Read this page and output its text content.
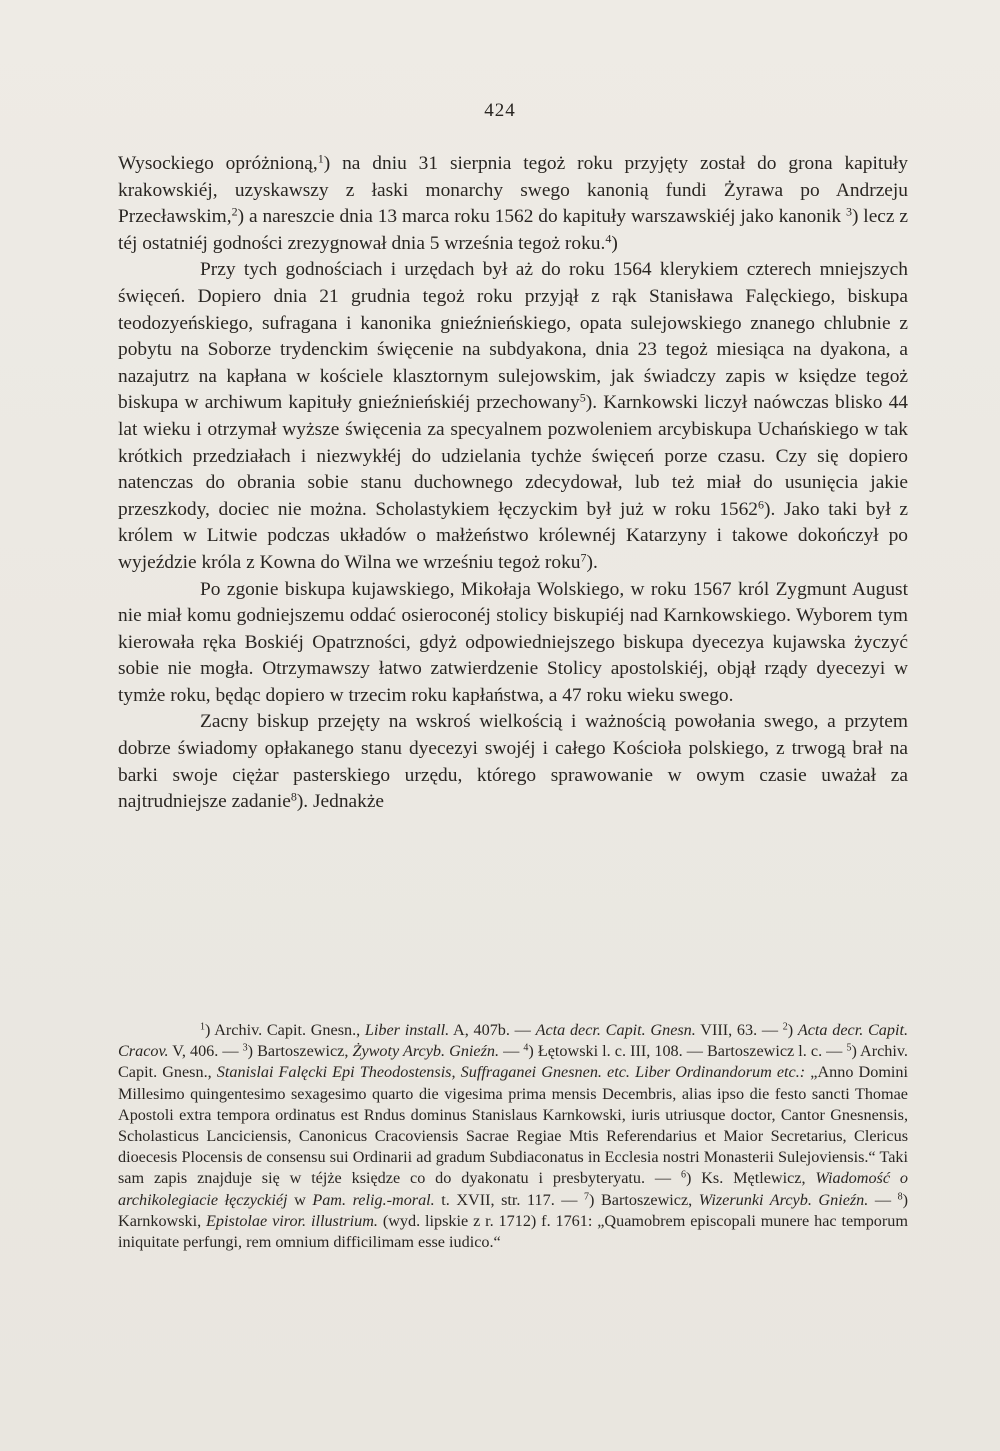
424

Wysockiego opróżnioną,$^1$) na dniu 31 sierpnia tegoż roku przyjęty został do grona kapituły krakowskiéj, uzyskawszy z łaski monarchy swego kanonią fundi Żyrawa po Andrzeju Przecławskim,$^2$) a nareszcie dnia 13 marca roku 1562 do kapituły warszawskiéj jako kanonik $^3$) lecz z téj ostatniéj godności zrezygnował dnia 5 września tegoż roku.$^4$)

Przy tych godnościach i urzędach był aż do roku 1564 klerykiem czterech mniejszych święceń. Dopiero dnia 21 grudnia tegoż roku przyjął z rąk Stanisława Falęckiego, biskupa teodozyeńskiego, sufragana i kanonika gnieźnieńskiego, opata sulejowskiego znanego chlubnie z pobytu na Soborze trydenckim święcenie na subdyakona, dnia 23 tegoż miesiąca na dyakona, a nazajutrz na kapłana w kościele klasztornym sulejowskim, jak świadczy zapis w księdze tegoż biskupa w archiwum kapituły gnieźnieńskiéj przechowany$^5$). Karnkowski liczył naówczas blisko 44 lat wieku i otrzymał wyższe święcenia za specyalnem pozwoleniem arcybiskupa Uchańskiego w tak krótkich przedziałach i niezwykłéj do udzielania tychże święceń porze czasu. Czy się dopiero natenczas do obrania sobie stanu duchownego zdecydował, lub też miał do usunięcia jakie przeszkody, dociec nie można. Scholastykiem łęczyckim był już w roku 1562$^6$). Jako taki był z królem w Litwie podczas układów o małżeństwo królewnéj Katarzyny i takowe dokończył po wyjeździe króla z Kowna do Wilna we wrześniu tegoż roku$^7$).

Po zgonie biskupa kujawskiego, Mikołaja Wolskiego, w roku 1567 król Zygmunt August nie miał komu godniejszemu oddać osieroconéj stolicy biskupiéj nad Karnkowskiego. Wyborem tym kierowała ręka Boskiéj Opatrzności, gdyż odpowiedniejszego biskupa dyecezya kujawska życzyć sobie nie mogła. Otrzymawszy łatwo zatwierdzenie Stolicy apostolskiéj, objął rządy dyecezyi w tymże roku, będąc dopiero w trzecim roku kapłaństwa, a 47 roku wieku swego.

Zacny biskup przejęty na wskroś wielkością i ważnością powołania swego, a przytem dobrze świadomy opłakanego stanu dyecezyi swojéj i całego Kościoła polskiego, z trwogą brał na barki swoje ciężar pasterskiego urzędu, którego sprawowanie w owym czasie uważał za najtrudniejsze zadanie$^8$). Jednakże

$^1$) Archiv. Capit. Gnesn., Liber install. A, 407b. — Acta decr. Capit. Gnesn. VIII, 63. — $^2$) Acta decr. Capit. Cracov. V, 406. — $^3$) Bartoszewicz, Żywoty Arcyb. Gnieźn. — $^4$) Łętowski l. c. III, 108. — Bartoszewicz l. c. — $^5$) Archiv. Capit. Gnesn., Stanislai Falęcki Epi Theodostensis, Suffraganei Gnesnen. etc. Liber Ordinandorum etc.: „Anno Domini Millesimo quingentesimo sexagesimo quarto die vigesima prima mensis Decembris, alias ipso die festo sancti Thomae Apostoli extra tempora ordinatus est Rndus dominus Stanislaus Karnkowski, iuris utriusque doctor, Cantor Gnesnensis, Scholasticus Lanciciensis, Canonicus Cracoviensis Sacrae Regiae Mtis Referendarius et Maior Secretarius, Clericus dioecesis Plocensis de consensu sui Ordinarii ad gradum Subdiaconatus in Ecclesia nostri Monasterii Sulejoviensis.“ Taki sam zapis znajduje się w téjże księdze co do dyakonatu i presbyteryatu. — $^6$) Ks. Mętlewicz, Wiadomość o archikolegiacie łęczyckiéj w Pam. relig.-moral. t. XVII, str. 117. — $^7$) Bartoszewicz, Wizerunki Arcyb. Gnieźn. — $^8$) Karnkowski, Epistolae viror. illustrium. (wyd. lipskie z r. 1712) f. 1761: „Quamobrem episcopali munere hac temporum iniquitate perfungi, rem omnium difficilimam esse iudico.“
